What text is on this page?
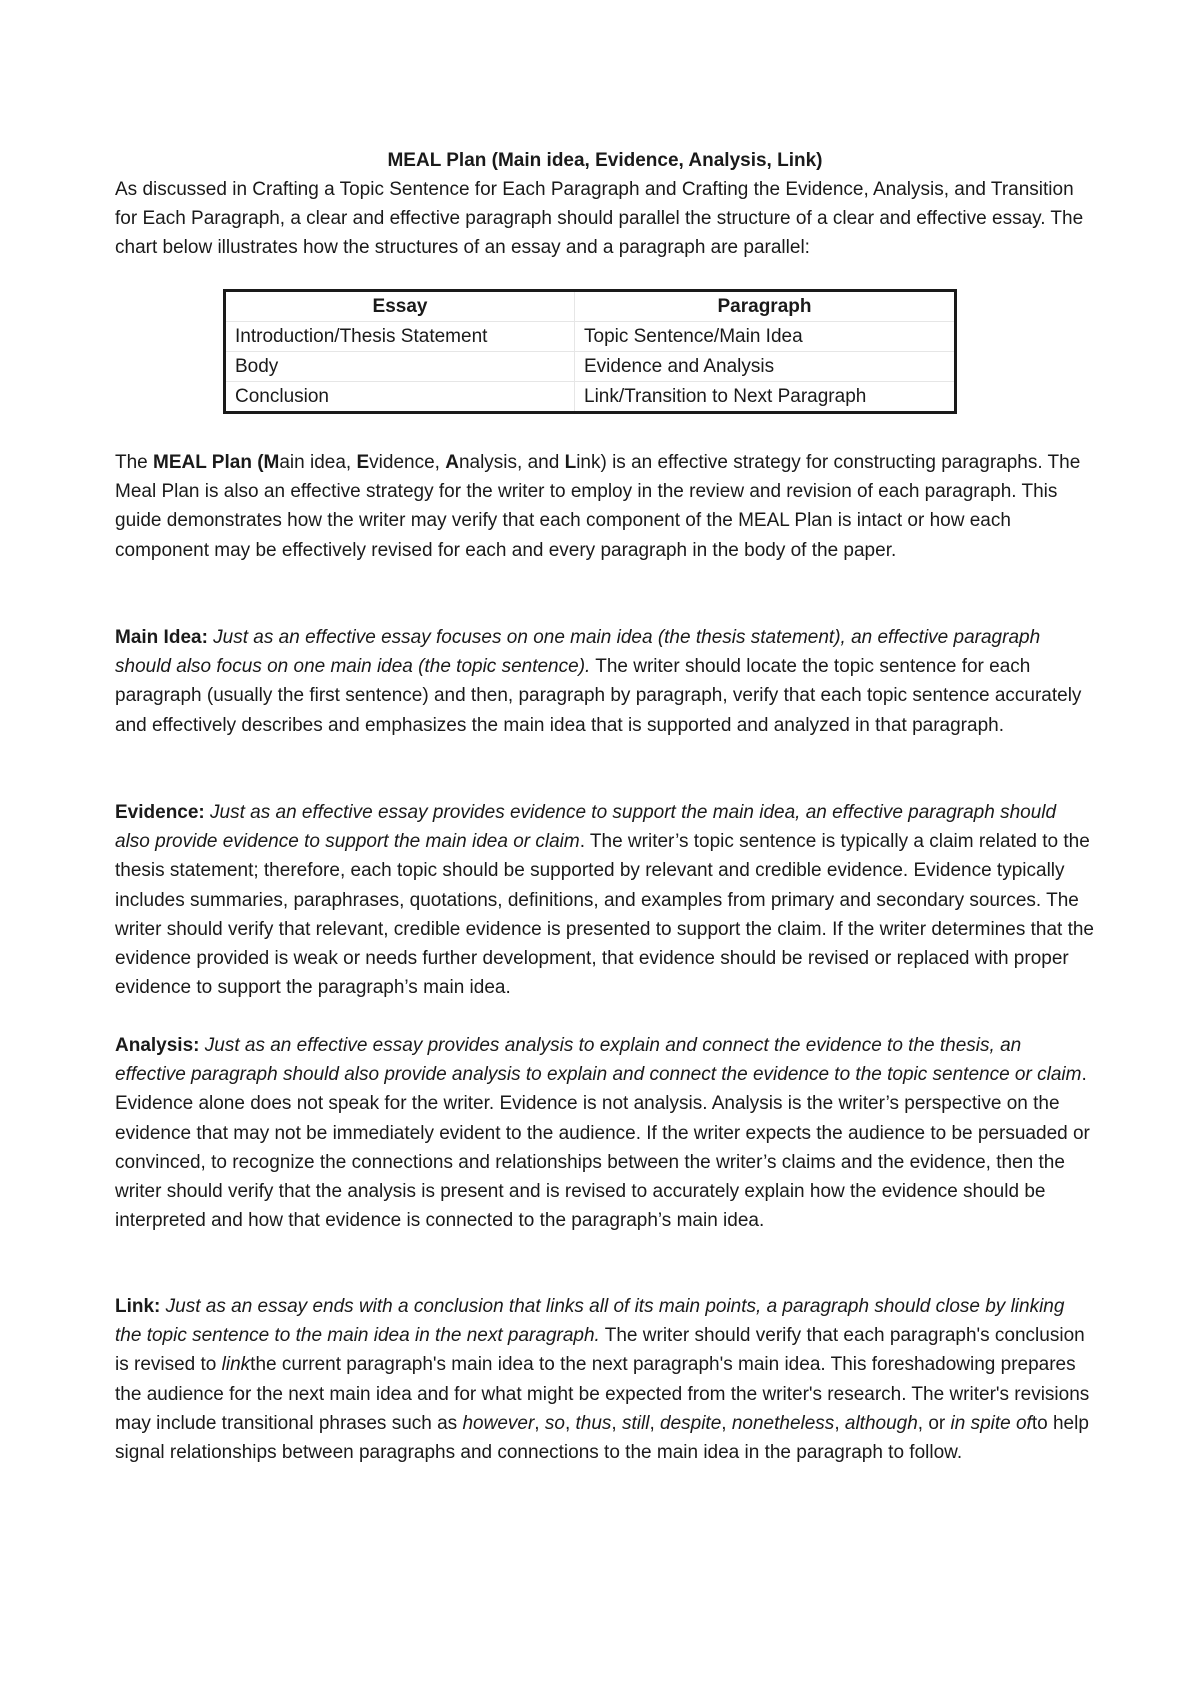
MEAL Plan (Main idea, Evidence, Analysis, Link)

As discussed in Crafting a Topic Sentence for Each Paragraph and Crafting the Evidence, Analysis, and Transition for Each Paragraph, a clear and effective paragraph should parallel the structure of a clear and effective essay. The chart below illustrates how the structures of an essay and a paragraph are parallel:

Essay	Paragraph
Introduction/Thesis Statement	Topic Sentence/Main Idea
Body	Evidence and Analysis
Conclusion	Link/Transition to Next Paragraph

The MEAL Plan (Main idea, Evidence, Analysis, and Link) is an effective strategy for constructing paragraphs. The Meal Plan is also an effective strategy for the writer to employ in the review and revision of each paragraph. This guide demonstrates how the writer may verify that each component of the MEAL Plan is intact or how each component may be effectively revised for each and every paragraph in the body of the paper.

Main Idea: Just as an effective essay focuses on one main idea (the thesis statement), an effective paragraph should also focus on one main idea (the topic sentence). The writer should locate the topic sentence for each paragraph (usually the first sentence) and then, paragraph by paragraph, verify that each topic sentence accurately and effectively describes and emphasizes the main idea that is supported and analyzed in that paragraph.

Evidence: Just as an effective essay provides evidence to support the main idea, an effective paragraph should also provide evidence to support the main idea or claim. The writer’s topic sentence is typically a claim related to the thesis statement; therefore, each topic should be supported by relevant and credible evidence. Evidence typically includes summaries, paraphrases, quotations, definitions, and examples from primary and secondary sources. The writer should verify that relevant, credible evidence is presented to support the claim. If the writer determines that the evidence provided is weak or needs further development, that evidence should be revised or replaced with proper evidence to support the paragraph’s main idea.

Analysis: Just as an effective essay provides analysis to explain and connect the evidence to the thesis, an effective paragraph should also provide analysis to explain and connect the evidence to the topic sentence or claim. Evidence alone does not speak for the writer. Evidence is not analysis. Analysis is the writer’s perspective on the evidence that may not be immediately evident to the audience. If the writer expects the audience to be persuaded or convinced, to recognize the connections and relationships between the writer’s claims and the evidence, then the writer should verify that the analysis is present and is revised to accurately explain how the evidence should be interpreted and how that evidence is connected to the paragraph’s main idea.

Link: Just as an essay ends with a conclusion that links all of its main points, a paragraph should close by linking the topic sentence to the main idea in the next paragraph. The writer should verify that each paragraph's conclusion is revised to linkthe current paragraph's main idea to the next paragraph's main idea. This foreshadowing prepares the audience for the next main idea and for what might be expected from the writer's research. The writer's revisions may include transitional phrases such as however, so, thus, still, despite, nonetheless, although, or in spite ofto help signal relationships between paragraphs and connections to the main idea in the paragraph to follow.
